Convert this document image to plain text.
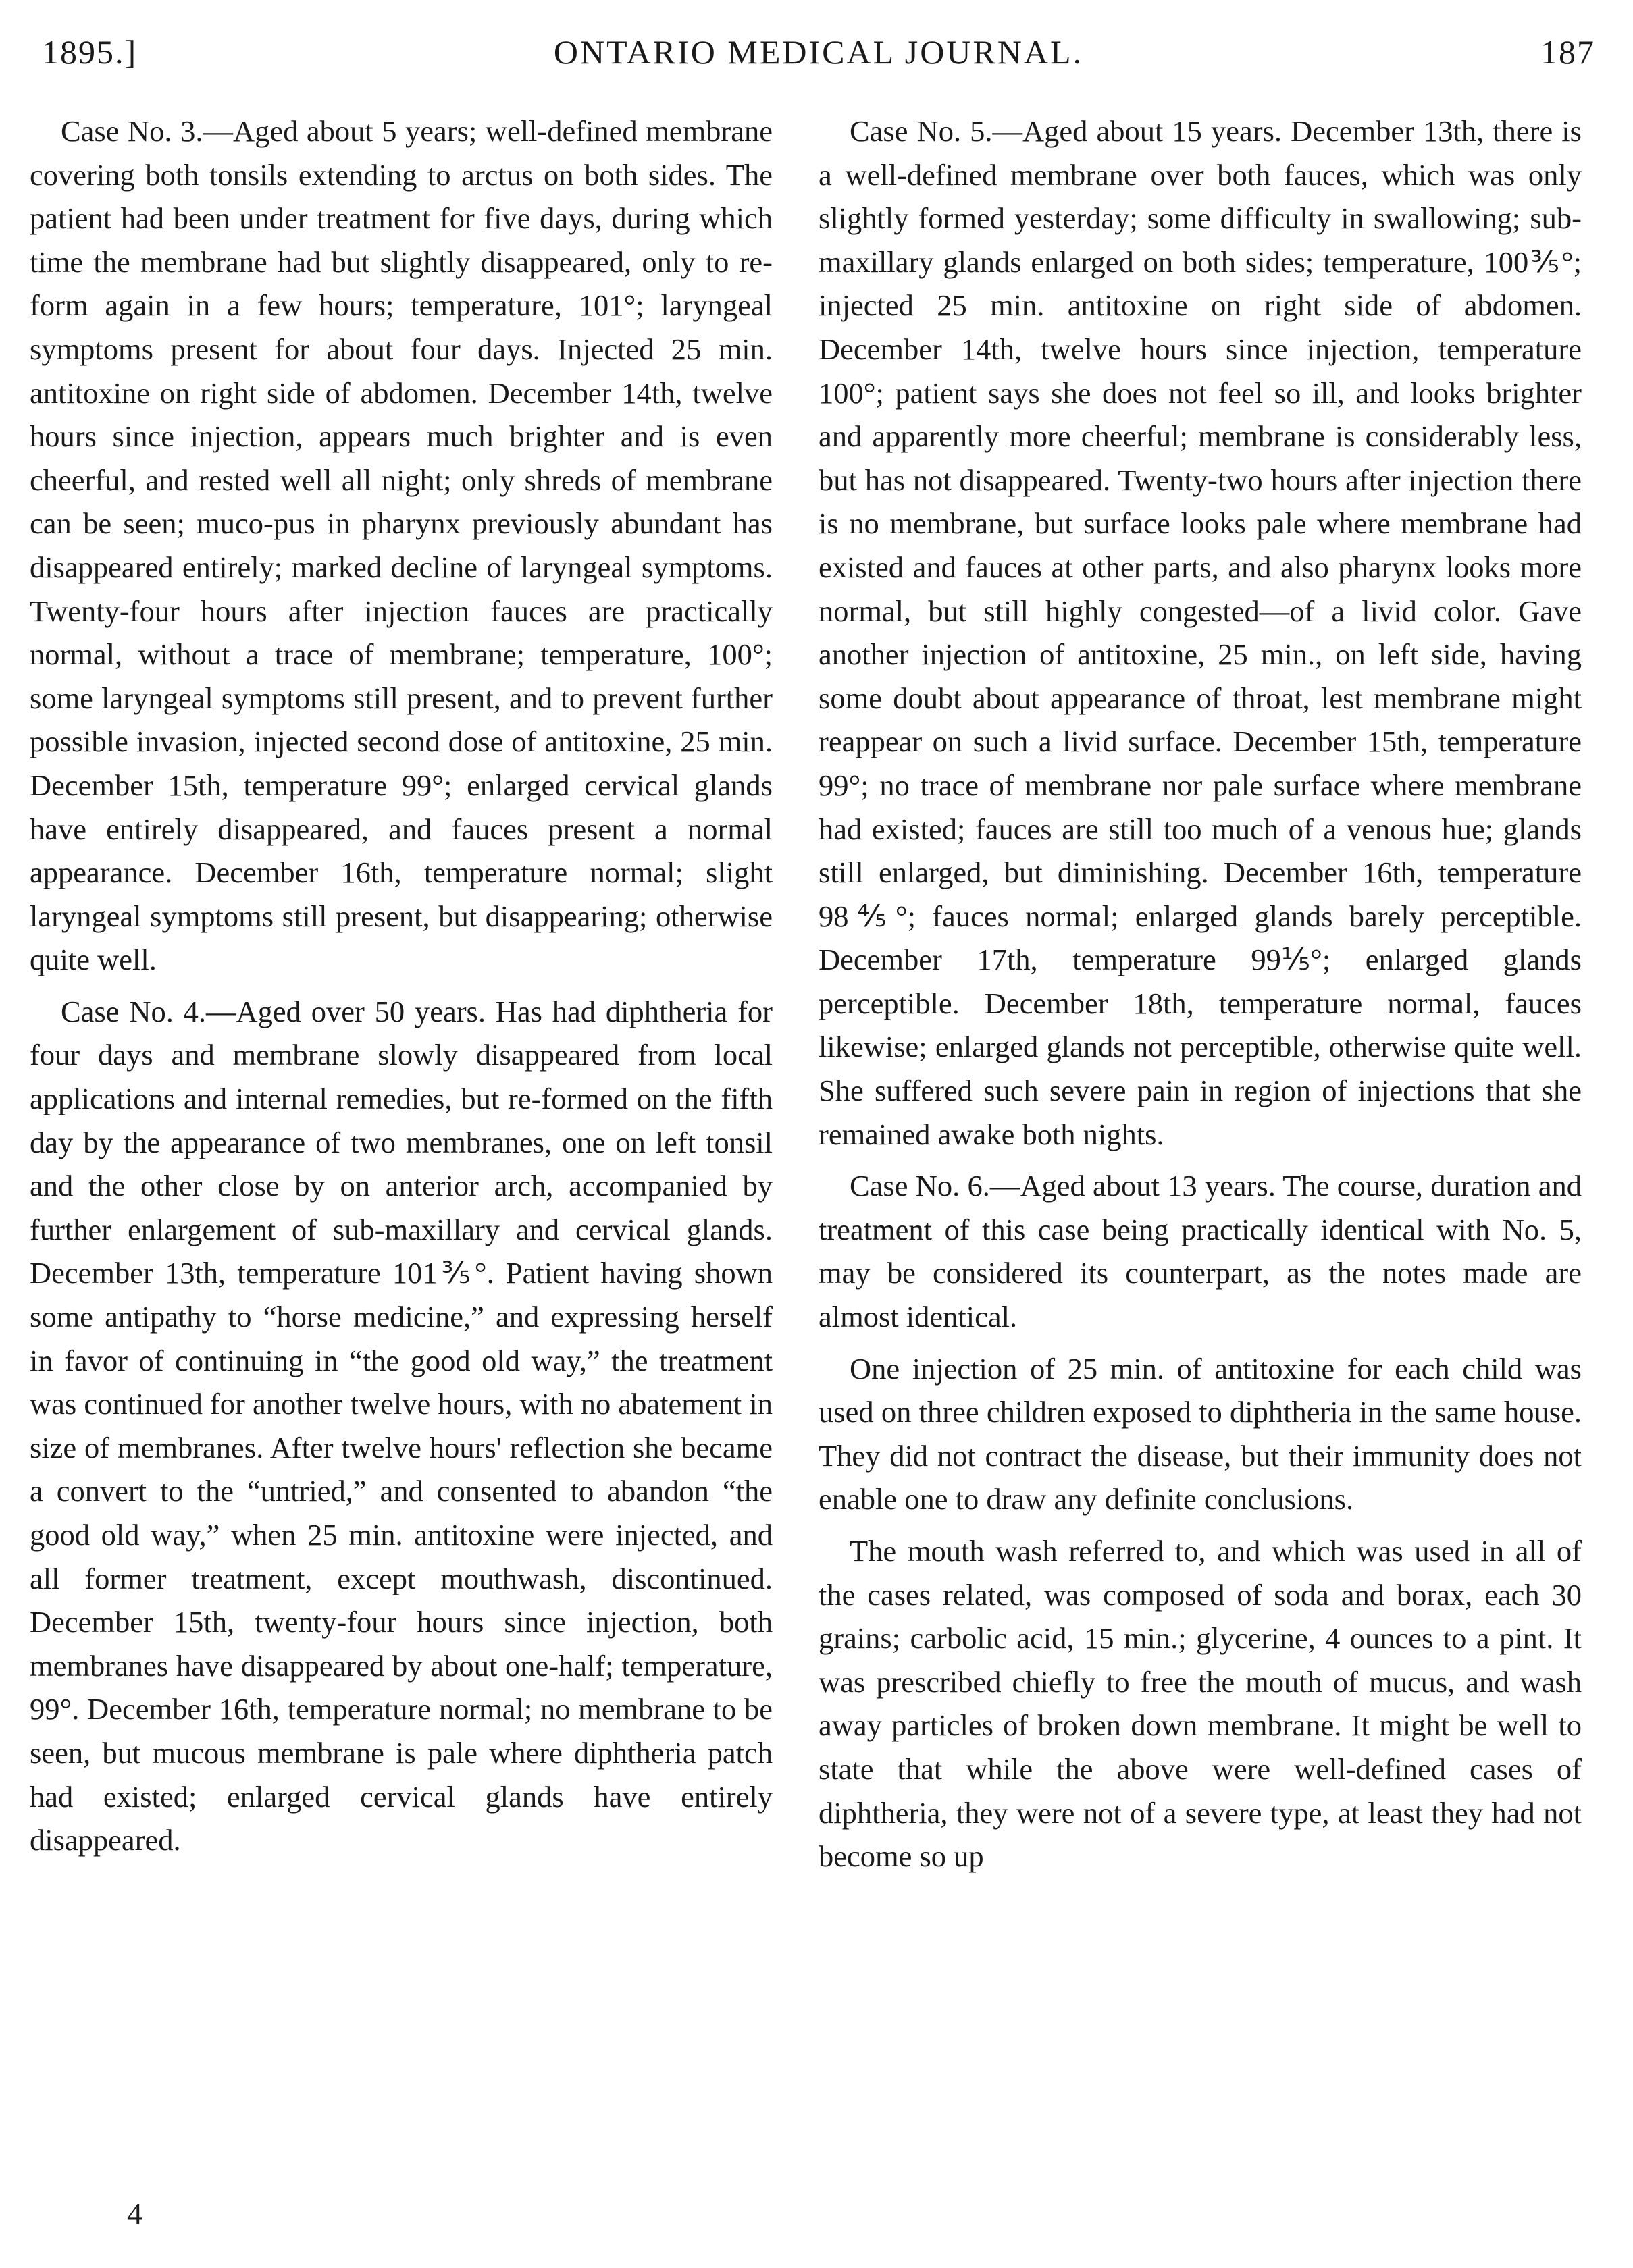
1895.]	ONTARIO MEDICAL JOURNAL.	187

Case No. 3.—Aged about 5 years; well-defined membrane covering both tonsils extending to arctus on both sides. The patient had been under treatment for five days, during which time the membrane had but slightly disappeared, only to re-form again in a few hours; temperature, 101°; laryngeal symptoms present for about four days. Injected 25 min. antitoxine on right side of abdomen. December 14th, twelve hours since injection, appears much brighter and is even cheerful, and rested well all night; only shreds of membrane can be seen; muco-pus in pharynx previously abundant has disappeared entirely; marked decline of laryngeal symptoms. Twenty-four hours after injection fauces are practically normal, without a trace of membrane; temperature, 100°; some laryngeal symptoms still present, and to prevent further possible invasion, injected second dose of antitoxine, 25 min. December 15th, temperature 99°; enlarged cervical glands have entirely disappeared, and fauces present a normal appearance. December 16th, temperature normal; slight laryngeal symptoms still present, but disappearing; otherwise quite well.

Case No. 4.—Aged over 50 years. Has had diphtheria for four days and membrane slowly disappeared from local applications and internal remedies, but re-formed on the fifth day by the appearance of two membranes, one on left tonsil and the other close by on anterior arch, accompanied by further enlargement of sub-maxillary and cervical glands. December 13th, temperature 101⅗°. Patient having shown some antipathy to “horse medicine,” and expressing herself in favor of continuing in “the good old way,” the treatment was continued for another twelve hours, with no abatement in size of membranes. After twelve hours' reflection she became a convert to the “untried,” and consented to abandon “the good old way,” when 25 min. antitoxine were injected, and all former treatment, except mouthwash, discontinued. December 15th, twenty-four hours since injection, both membranes have disappeared by about one-half; temperature, 99°. December 16th, temperature normal; no membrane to be seen, but mucous membrane is pale where diphtheria patch had existed; enlarged cervical glands have entirely disappeared.

Case No. 5.—Aged about 15 years. December 13th, there is a well-defined membrane over both fauces, which was only slightly formed yesterday; some difficulty in swallowing; sub-maxillary glands enlarged on both sides; temperature, 100⅗°; injected 25 min. antitoxine on right side of abdomen. December 14th, twelve hours since injection, temperature 100°; patient says she does not feel so ill, and looks brighter and apparently more cheerful; membrane is considerably less, but has not disappeared. Twenty-two hours after injection there is no membrane, but surface looks pale where membrane had existed and fauces at other parts, and also pharynx looks more normal, but still highly congested—of a livid color. Gave another injection of antitoxine, 25 min., on left side, having some doubt about appearance of throat, lest membrane might reappear on such a livid surface. December 15th, temperature 99°; no trace of membrane nor pale surface where membrane had existed; fauces are still too much of a venous hue; glands still enlarged, but diminishing. December 16th, temperature 98⅘°; fauces normal; enlarged glands barely perceptible. December 17th, temperature 99⅕°; enlarged glands perceptible. December 18th, temperature normal, fauces likewise; enlarged glands not perceptible, otherwise quite well. She suffered such severe pain in region of injections that she remained awake both nights.

Case No. 6.—Aged about 13 years. The course, duration and treatment of this case being practically identical with No. 5, may be considered its counterpart, as the notes made are almost identical.

One injection of 25 min. of antitoxine for each child was used on three children exposed to diphtheria in the same house. They did not contract the disease, but their immunity does not enable one to draw any definite conclusions.

The mouth wash referred to, and which was used in all of the cases related, was composed of soda and borax, each 30 grains; carbolic acid, 15 min.; glycerine, 4 ounces to a pint. It was prescribed chiefly to free the mouth of mucus, and wash away particles of broken down membrane. It might be well to state that while the above were well-defined cases of diphtheria, they were not of a severe type, at least they had not become so up

4
